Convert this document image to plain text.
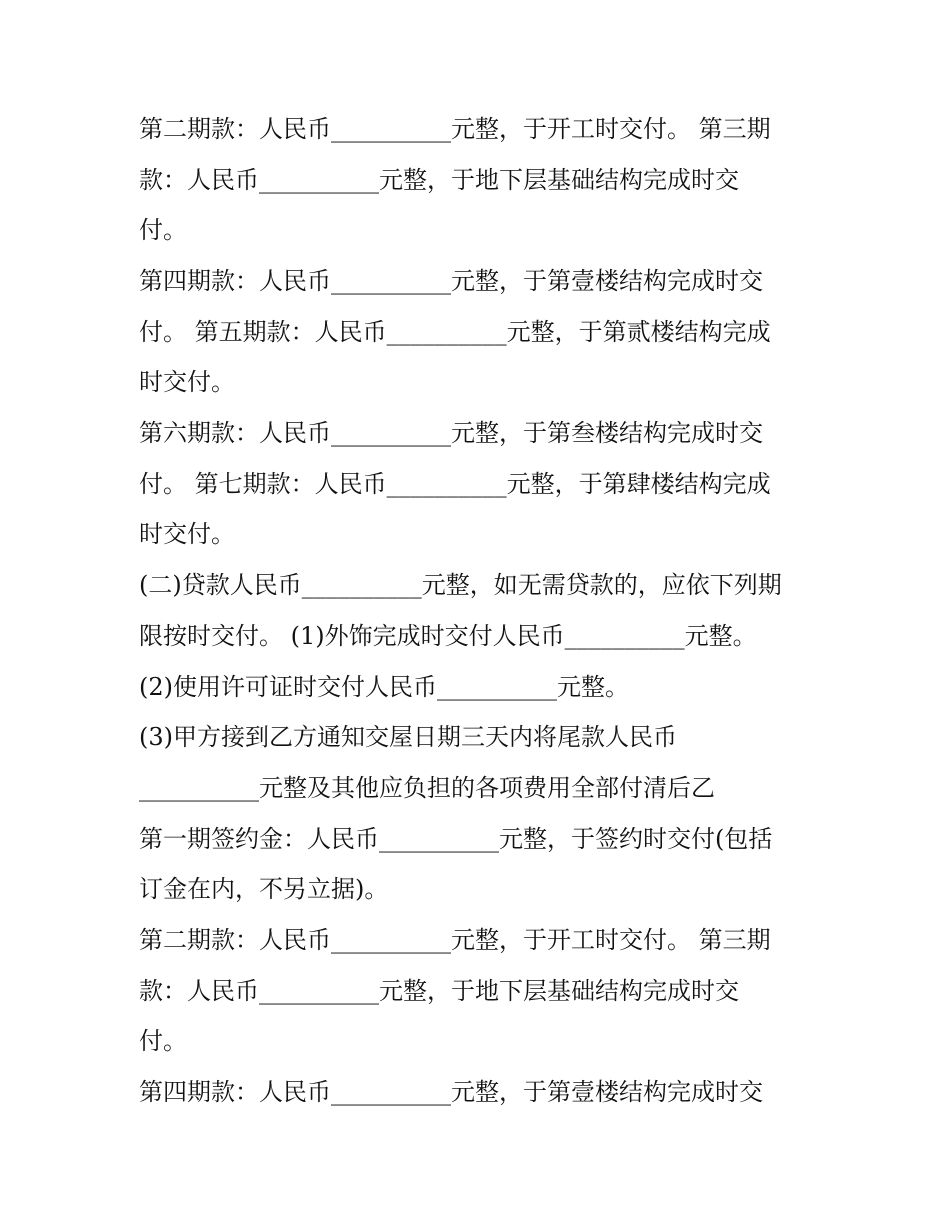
第二期款：人民币__________元整，于开工时交付。 第三期
款：人民币__________元整，于地下层基础结构完成时交
付。
第四期款：人民币__________元整，于第壹楼结构完成时交
付。 第五期款：人民币__________元整，于第贰楼结构完成
时交付。
第六期款：人民币__________元整，于第叁楼结构完成时交
付。 第七期款：人民币__________元整，于第肆楼结构完成
时交付。
(二)贷款人民币__________元整，如无需贷款的，应依下列期
限按时交付。 (1)外饰完成时交付人民币__________元整。
(2)使用许可证时交付人民币__________元整。
(3)甲方接到乙方通知交屋日期三天内将尾款人民币
__________元整及其他应负担的各项费用全部付清后乙
第一期签约金：人民币__________元整，于签约时交付(包括
订金在内，不另立据)。
第二期款：人民币__________元整，于开工时交付。 第三期
款：人民币__________元整，于地下层基础结构完成时交
付。
第四期款：人民币__________元整，于第壹楼结构完成时交
